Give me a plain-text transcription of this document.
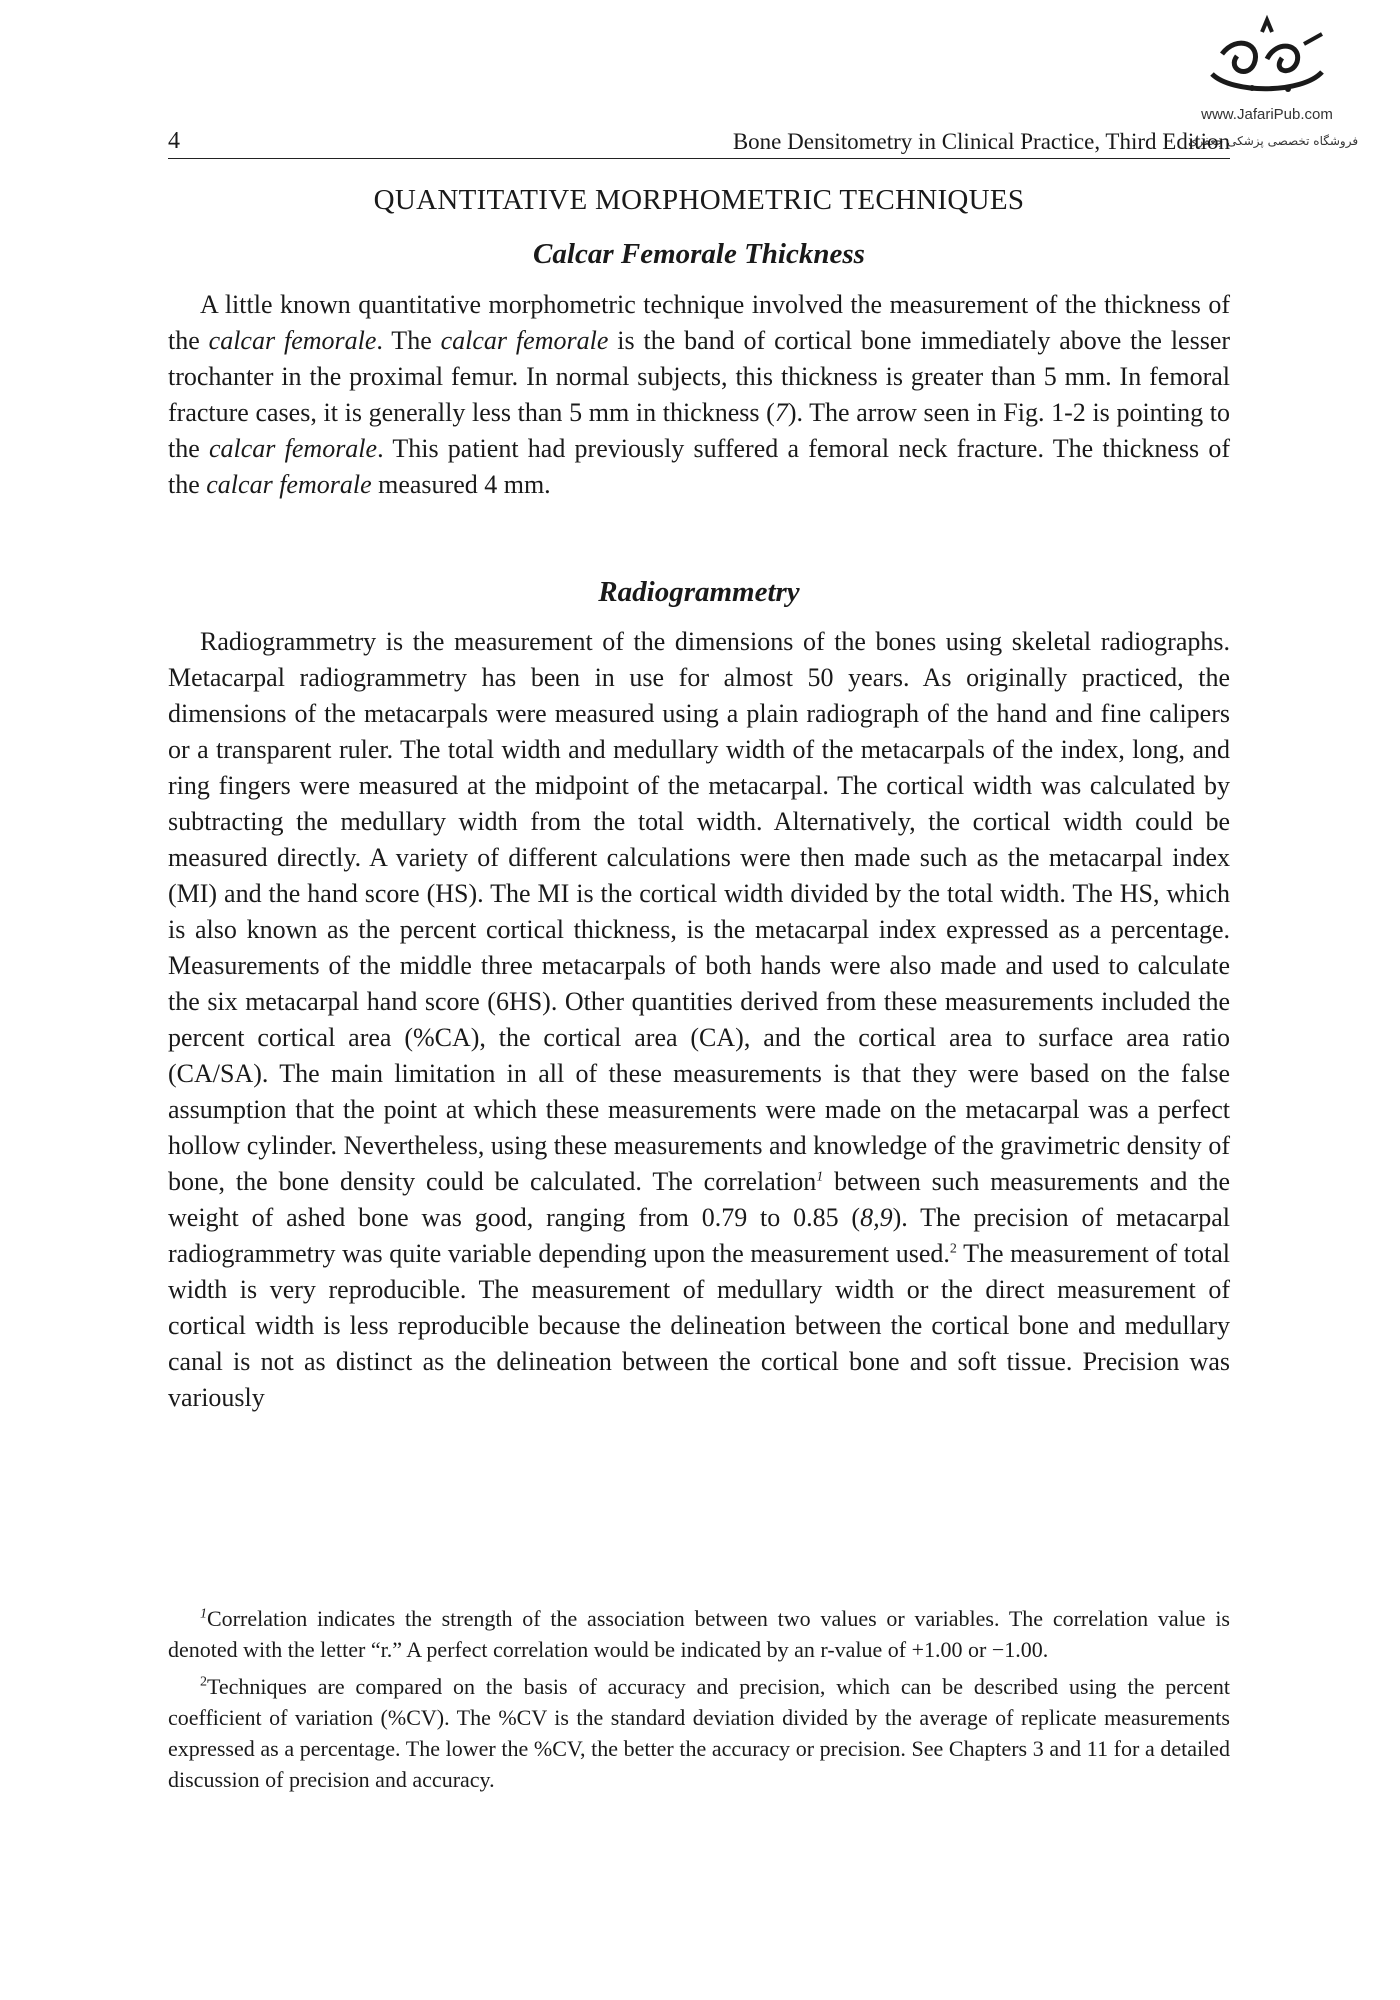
www.JafariPub.com
فروشگاه تخصصی پزشکی جعفری
4	Bone Densitometry in Clinical Practice, Third Edition
QUANTITATIVE MORPHOMETRIC TECHNIQUES
Calcar Femorale Thickness

A little known quantitative morphometric technique involved the measurement of the thickness of the calcar femorale. The calcar femorale is the band of cortical bone immediately above the lesser trochanter in the proximal femur. In normal subjects, this thickness is greater than 5 mm. In femoral fracture cases, it is generally less than 5 mm in thickness (7). The arrow seen in Fig. 1-2 is pointing to the calcar femorale. This patient had previously suffered a femoral neck fracture. The thickness of the calcar femorale measured 4 mm.

Radiogrammetry

Radiogrammetry is the measurement of the dimensions of the bones using skeletal radiographs. Metacarpal radiogrammetry has been in use for almost 50 years. As originally practiced, the dimensions of the metacarpals were measured using a plain radiograph of the hand and fine calipers or a transparent ruler. The total width and medullary width of the metacarpals of the index, long, and ring fingers were measured at the midpoint of the metacarpal. The cortical width was calculated by subtracting the medullary width from the total width. Alternatively, the cortical width could be measured directly. A variety of different calculations were then made such as the metacarpal index (MI) and the hand score (HS). The MI is the cortical width divided by the total width. The HS, which is also known as the percent cortical thickness, is the metacarpal index expressed as a percentage. Measurements of the middle three metacarpals of both hands were also made and used to calculate the six metacarpal hand score (6HS). Other quantities derived from these measurements included the percent cortical area (%CA), the cortical area (CA), and the cortical area to surface area ratio (CA/SA). The main limitation in all of these measurements is that they were based on the false assumption that the point at which these measurements were made on the metacarpal was a perfect hollow cylinder. Nevertheless, using these measurements and knowledge of the gravimetric density of bone, the bone density could be calculated. The correlation$^1$ between such measurements and the weight of ashed bone was good, ranging from 0.79 to 0.85 (8,9). The precision of metacarpal radiogrammetry was quite variable depending upon the measurement used.$^2$ The measurement of total width is very reproducible. The measurement of medullary width or the direct measurement of cortical width is less reproducible because the delineation between the cortical bone and medullary canal is not as distinct as the delineation between the cortical bone and soft tissue. Precision was variously

$^1$Correlation indicates the strength of the association between two values or variables. The correlation value is denoted with the letter “r.” A perfect correlation would be indicated by an r-value of +1.00 or −1.00.

$^2$Techniques are compared on the basis of accuracy and precision, which can be described using the percent coefficient of variation (%CV). The %CV is the standard deviation divided by the average of replicate measurements expressed as a percentage. The lower the %CV, the better the accuracy or precision. See Chapters 3 and 11 for a detailed discussion of precision and accuracy.
